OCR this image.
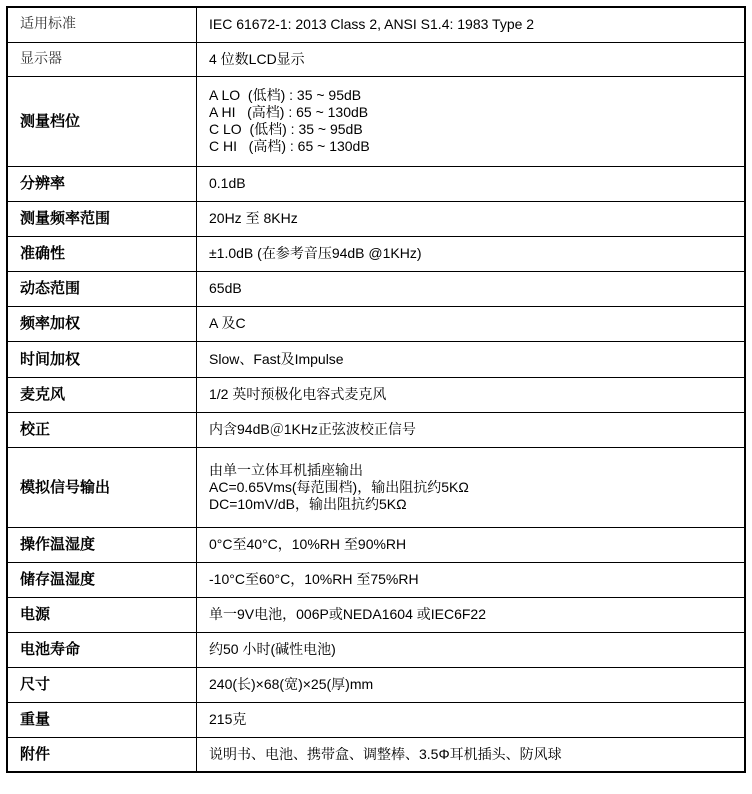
适用标准	IEC 61672-1: 2013 Class 2, ANSI S1.4: 1983 Type 2

显示器	4 位数LCD显示

测量档位	A LO  (低档) : 35 ~ 95dB
A HI   (高档) : 65 ~ 130dB
C LO  (低档) : 35 ~ 95dB
C HI   (高档) : 65 ~ 130dB

分辨率	0.1dB

测量频率范围	20Hz 至 8KHz

准确性	±1.0dB (在参考音压94dB @1KHz)

动态范围	65dB

频率加权	A 及C

时间加权	Slow、Fast及Impulse

麦克风	1/2 英吋预极化电容式麦克风

校正	内含94dB＠1KHz正弦波校正信号

模拟信号输出	由单一立体耳机插座输出
AC=0.65Vms(每范围档)，输出阻抗约5KΩ
DC=10mV/dB，输出阻抗约5KΩ

操作温湿度	0°C至40°C，10%RH 至90%RH

储存温湿度	-10°C至60°C，10%RH 至75%RH

电源	单一9V电池，006P或NEDA1604 或IEC6F22

电池寿命	约50 小时(碱性电池)

尺寸	240(长)×68(宽)×25(厚)mm

重量	215克

附件	说明书、电池、携带盒、调整棒、3.5Φ耳机插头、防风球
